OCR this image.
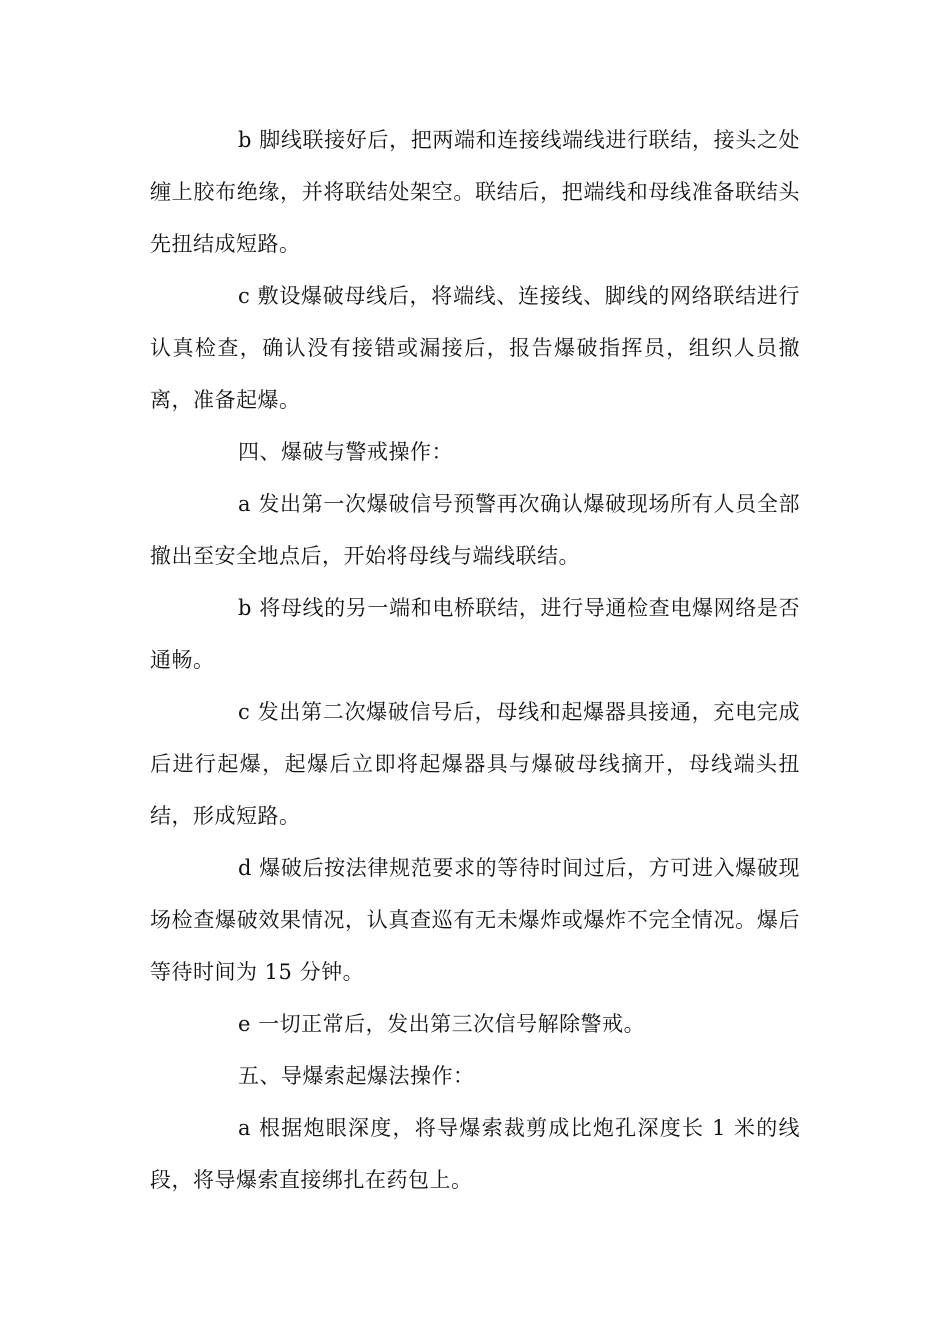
b 脚线联接好后，把两端和连接线端线进行联结，接头之处缠上胶布绝缘，并将联结处架空。联结后，把端线和母线准备联结头先扭结成短路。

c 敷设爆破母线后，将端线、连接线、脚线的网络联结进行认真检查，确认没有接错或漏接后，报告爆破指挥员，组织人员撤离，准备起爆。

四、爆破与警戒操作：

a 发出第一次爆破信号预警再次确认爆破现场所有人员全部撤出至安全地点后，开始将母线与端线联结。

b 将母线的另一端和电桥联结，进行导通检查电爆网络是否通畅。

c 发出第二次爆破信号后，母线和起爆器具接通，充电完成后进行起爆，起爆后立即将起爆器具与爆破母线摘开，母线端头扭结，形成短路。

d 爆破后按法律规范要求的等待时间过后，方可进入爆破现场检查爆破效果情况，认真查巡有无未爆炸或爆炸不完全情况。爆后等待时间为 15 分钟。

e 一切正常后，发出第三次信号解除警戒。

五、导爆索起爆法操作：

a 根据炮眼深度，将导爆索裁剪成比炮孔深度长 1 米的线段，将导爆索直接绑扎在药包上。
